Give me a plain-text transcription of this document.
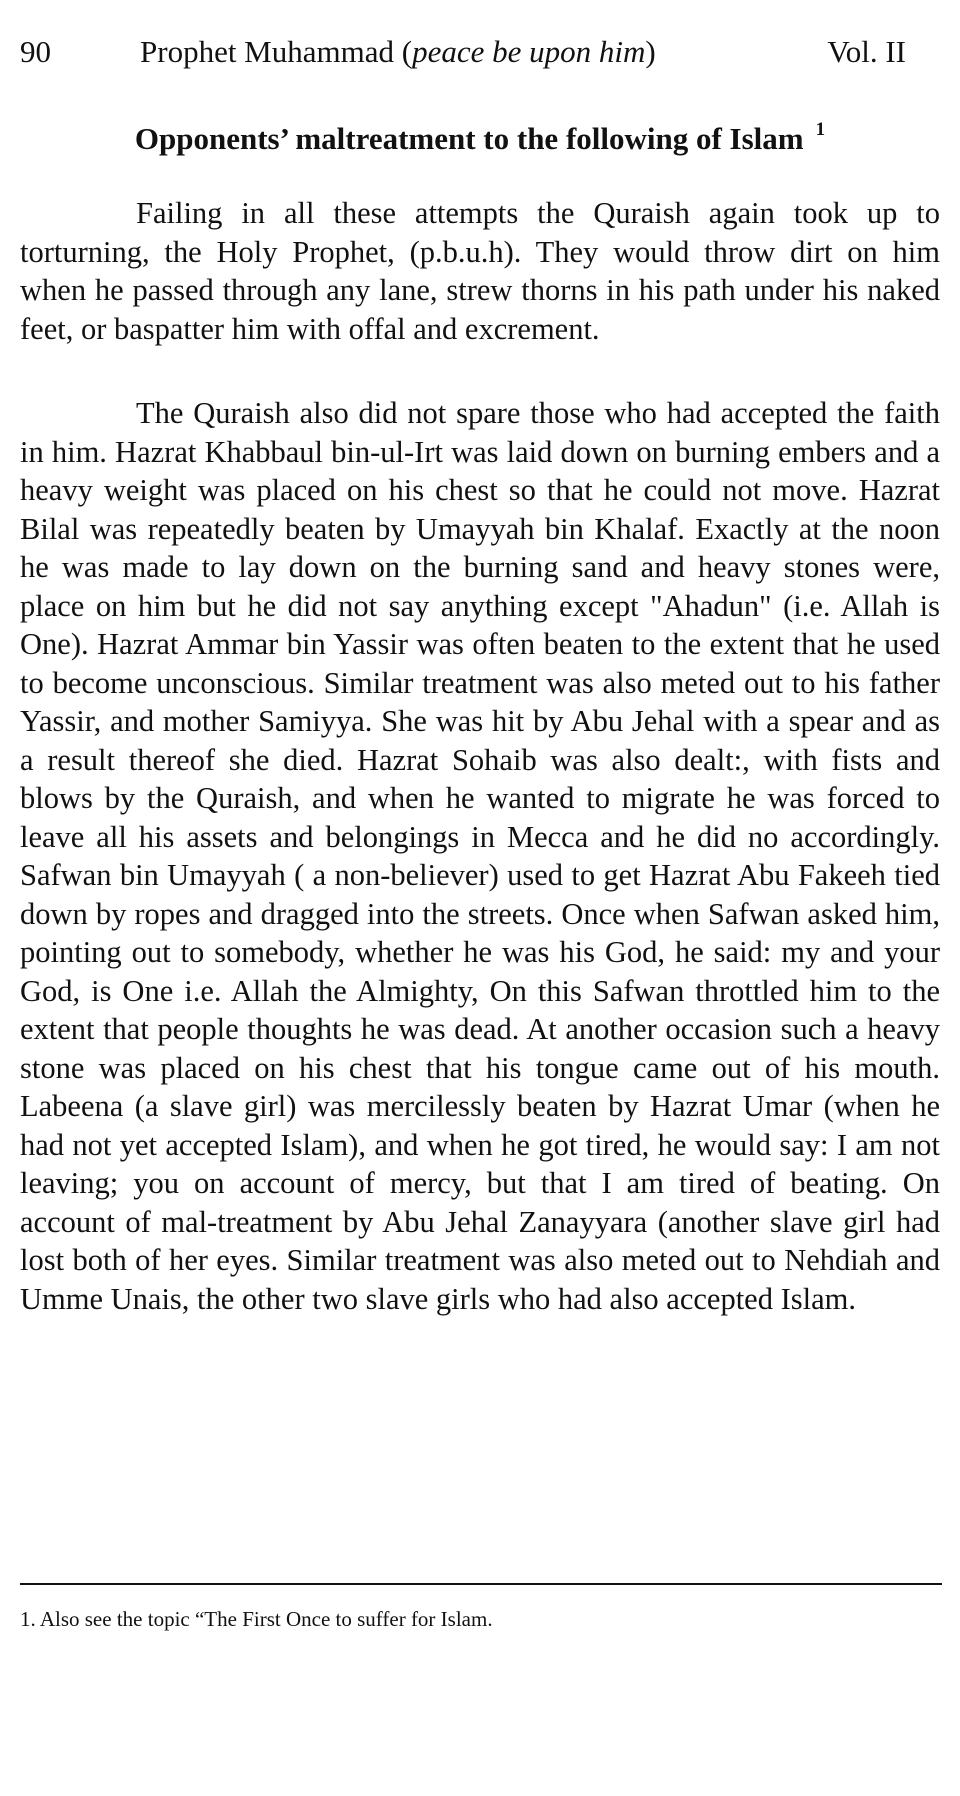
90	Prophet Muhammad (peace be upon him)	Vol. II
Opponents’ maltreatment to the following of Islam $^1$

Failing in all these attempts the Quraish again took up to torturning, the Holy Prophet, (p.b.u.h). They would throw dirt on him when he passed through any lane, strew thorns in his path under his naked feet, or baspatter him with offal and excrement.

The Quraish also did not spare those who had accepted the faith in him. Hazrat Khabbaul bin-ul-Irt was laid down on burning embers and a heavy weight was placed on his chest so that he could not move. Hazrat Bilal was repeatedly beaten by Umayyah bin Khalaf. Exactly at the noon he was made to lay down on the burning sand and heavy stones were, place on him but he did not say anything except "Ahadun" (i.e. Allah is One). Hazrat Ammar bin Yassir was often beaten to the extent that he used to become unconscious. Similar treatment was also meted out to his father Yassir, and mother Samiyya. She was hit by Abu Jehal with a spear and as a result thereof she died. Hazrat Sohaib was also dealt:, with fists and blows by the Quraish, and when he wanted to migrate he was forced to leave all his assets and belongings in Mecca and he did no accordingly. Safwan bin Umayyah ( a non-believer) used to get Hazrat Abu Fakeeh tied down by ropes and dragged into the streets. Once when Safwan asked him, pointing out to somebody, whether he was his God, he said: my and your God, is One i.e. Allah the Almighty, On this Safwan throttled him to the extent that people thoughts he was dead. At another occasion such a heavy stone was placed on his chest that his tongue came out of his mouth. Labeena (a slave girl) was mercilessly beaten by Hazrat Umar (when he had not yet accepted Islam), and when he got tired, he would say: I am not leaving; you on account of mercy, but that I am tired of beating. On account of mal-treatment by Abu Jehal Zanayyara (another slave girl had lost both of her eyes. Similar treatment was also meted out to Nehdiah and Umme Unais, the other two slave girls who had also accepted Islam.

1. Also see the topic “The First Once to suffer for Islam.
